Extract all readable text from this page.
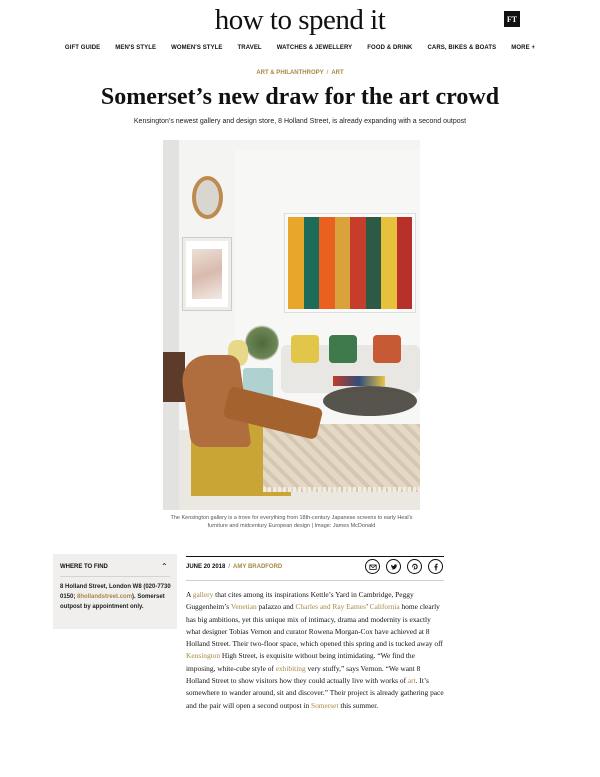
how to spend it	FT
GIFT GUIDE	MEN'S STYLE	WOMEN'S STYLE	TRAVEL	WATCHES & JEWELLERY	FOOD & DRINK	CARS, BIKES & BOATS	MORE +
ART & PHILANTHROPY / ART
Somerset’s new draw for the art crowd
Kensington’s newest gallery and design store, 8 Holland Street, is already expanding with a second outpost
The Kensington gallery is a trove for everything from 18th-century Japanese screens to early Heal’s furniture and midcentury European design | Image: James McDonald
WHERE TO FIND	⌃
8 Holland Street, London W8 (020-7730 0150; 8hollandstreet.com). Somerset outpost by appointment only.
JUNE 20 2018 / AMY BRADFORD
A gallery that cites among its inspirations Kettle’s Yard in Cambridge, Peggy Guggenheim’s Venetian palazzo and Charles and Ray Eames’ California home clearly has big ambitions, yet this unique mix of intimacy, drama and modernity is exactly what designer Tobias Vernon and curator Rowena Morgan-Cox have achieved at 8 Holland Street. Their two-floor space, which opened this spring and is tucked away off Kensington High Street, is exquisite without being intimidating. “We find the imposing, white-cube style of exhibiting very stuffy,” says Vernon. “We want 8 Holland Street to show visitors how they could actually live with works of art. It’s somewhere to wander around, sit and discover.” Their project is already gathering pace and the pair will open a second outpost in Somerset this summer.
